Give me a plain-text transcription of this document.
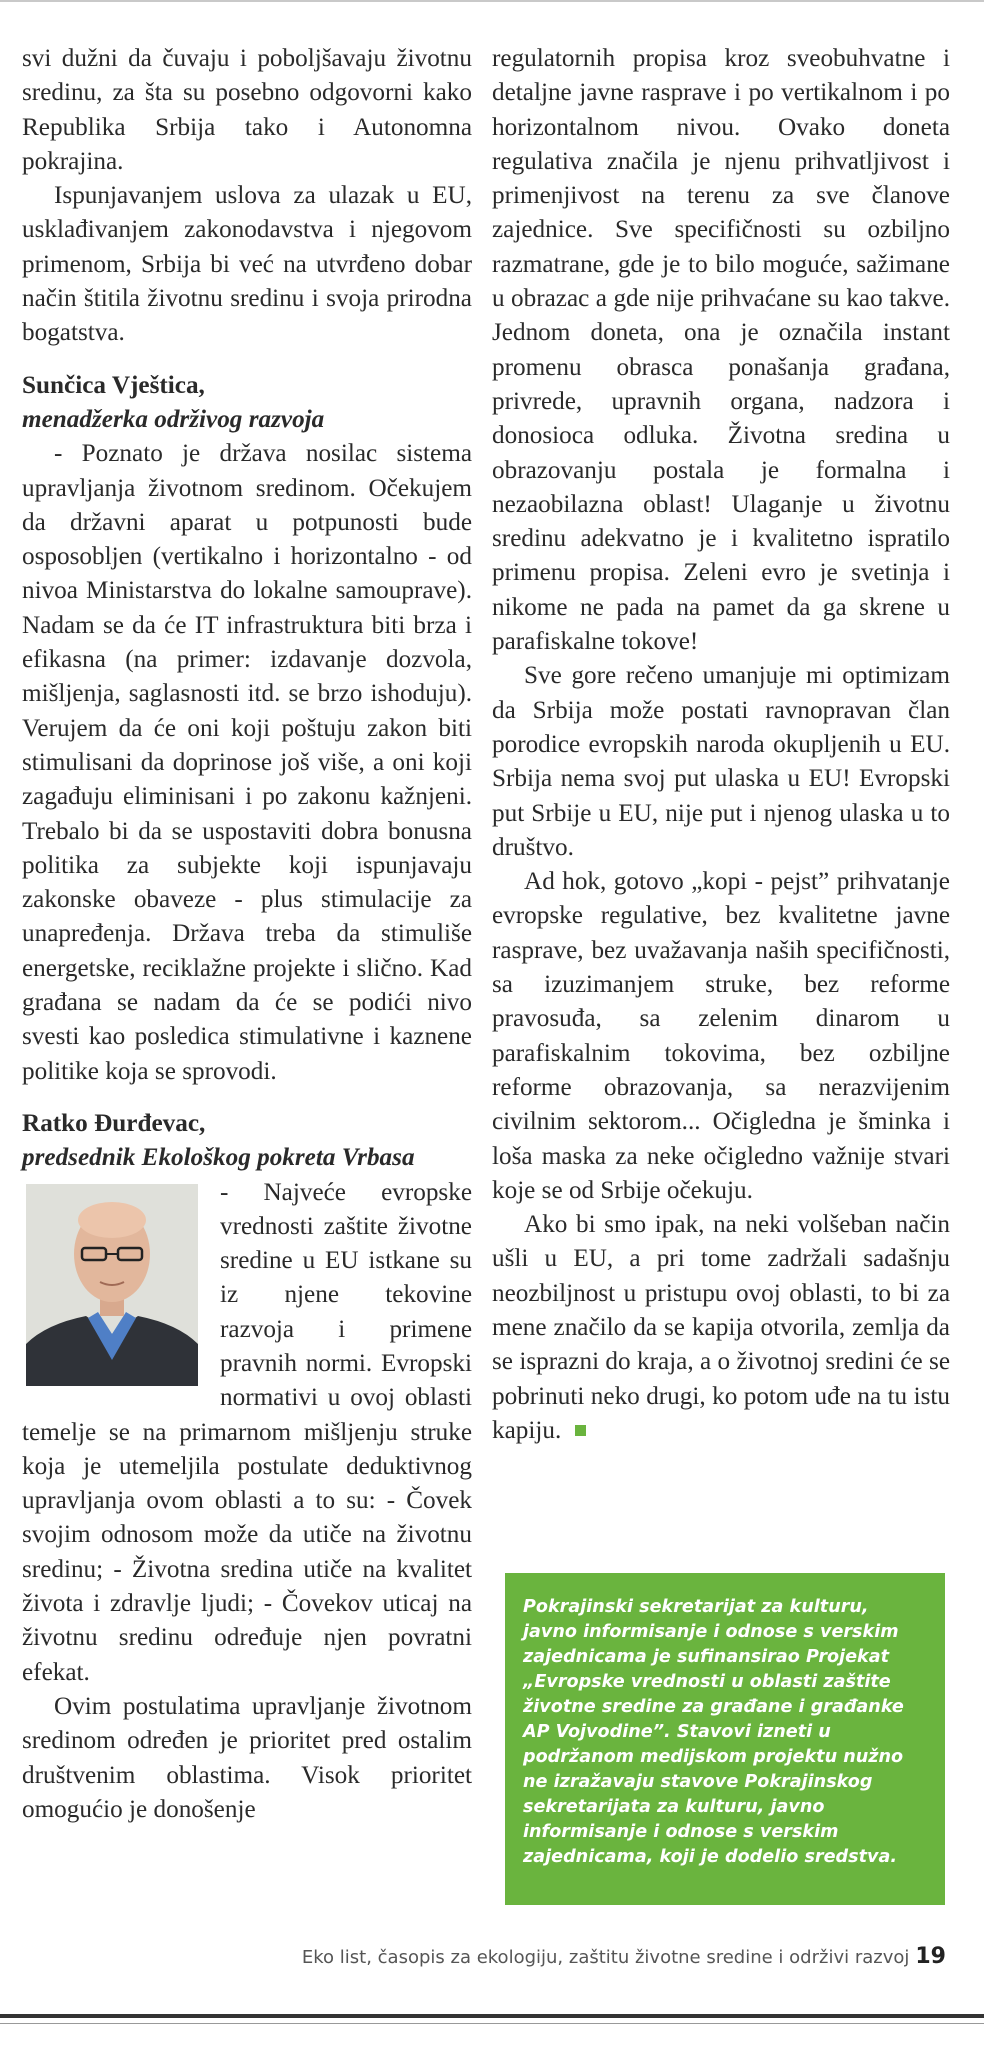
svi dužni da čuvaju i poboljšavaju životnu sredinu, za šta su posebno odgovorni kako Republika Srbija tako i Autonomna pokrajina.

Ispunjavanjem uslova za ulazak u EU, usklađivanjem zakonodavstva i njegovom primenom, Srbija bi već na utvrđeno dobar način štitila životnu sredinu i svoja prirodna bogatstva.

Sunčica Vještica,
menadžerka održivog razvoja

- Poznato je država nosilac sistema upravljanja životnom sredinom. Očekujem da državni aparat u potpunosti bude osposobljen (vertikalno i horizontalno - od nivoa Ministarstva do lokalne samouprave). Nadam se da će IT infrastruktura biti brza i efikasna (na primer: izdavanje dozvola, mišljenja, saglasnosti itd. se brzo ishoduju). Verujem da će oni koji poštuju zakon biti stimulisani da doprinose još više, a oni koji zagađuju eliminisani i po zakonu kažnjeni. Trebalo bi da se uspostaviti dobra bonusna politika za subjekte koji ispunjavaju zakonske obaveze - plus stimulacije za unapređenja. Država treba da stimuliše energetske, reciklažne projekte i slično. Kad građana se nadam da će se podići nivo svesti kao posledica stimulativne i kaznene politike koja se sprovodi.

Ratko Đurđevac,
predsednik Ekološkog pokreta Vrbasa

- Najveće evropske vrednosti zaštite životne sredine u EU istkane su iz njene tekovine razvoja i primene pravnih normi. Evropski normativi u ovoj oblasti temelje se na primarnom mišljenju struke koja je utemeljila postulate deduktivnog upravljanja ovom oblasti a to su: - Čovek svojim odnosom može da utiče na životnu sredinu; - Životna sredina utiče na kvalitet života i zdravlje ljudi; - Čovekov uticaj na životnu sredinu određuje njen povratni efekat.

Ovim postulatima upravljanje životnom sredinom određen je prioritet pred ostalim društvenim oblastima. Visok prioritet omogućio je donošenje

regulatornih propisa kroz sveobuhvatne i detaljne javne rasprave i po vertikalnom i po horizontalnom nivou. Ovako doneta regulativa značila je njenu prihvatljivost i primenjivost na terenu za sve članove zajednice. Sve specifičnosti su ozbiljno razmatrane, gde je to bilo moguće, sažimane u obrazac a gde nije prihvaćane su kao takve. Jednom doneta, ona je označila instant promenu obrasca ponašanja građana, privrede, upravnih organa, nadzora i donosioca odluka. Životna sredina u obrazovanju postala je formalna i nezaobilazna oblast! Ulaganje u životnu sredinu adekvatno je i kvalitetno ispratilo primenu propisa. Zeleni evro je svetinja i nikome ne pada na pamet da ga skrene u parafiskalne tokove!

Sve gore rečeno umanjuje mi optimizam da Srbija može postati ravnopravan član porodice evropskih naroda okupljenih u EU. Srbija nema svoj put ulaska u EU! Evropski put Srbije u EU, nije put i njenog ulaska u to društvo.

Ad hok, gotovo „kopi - pejst” prihvatanje evropske regulative, bez kvalitetne javne rasprave, bez uvažavanja naših specifičnosti, sa izuzimanjem struke, bez reforme pravosuđa, sa zelenim dinarom u parafiskalnim tokovima, bez ozbiljne reforme obrazovanja, sa nerazvijenim civilnim sektorom... Očigledna je šminka i loša maska za neke očigledno važnije stvari koje se od Srbije očekuju.

Ako bi smo ipak, na neki volšeban način ušli u EU, a pri tome zadržali sadašnju neozbiljnost u pristupu ovoj oblasti, to bi za mene značilo da se kapija otvorila, zemlja da se isprazni do kraja, a o životnoj sredini će se pobrinuti neko drugi, ko potom uđe na tu istu kapiju.

Pokrajinski sekretarijat za kulturu, javno informisanje i odnose s verskim zajednicama je sufinansirao Projekat „Evropske vrednosti u oblasti zaštite životne sredine za građane i građanke AP Vojvodine”. Stavovi izneti u podržanom medijskom projektu nužno ne izražavaju stavove Pokrajinskog sekretarijata za kulturu, javno informisanje i odnose s verskim zajednicama, koji je dodelio sredstva.
Eko list, časopis za ekologiju, zaštitu životne sredine i održivi razvoj 19
